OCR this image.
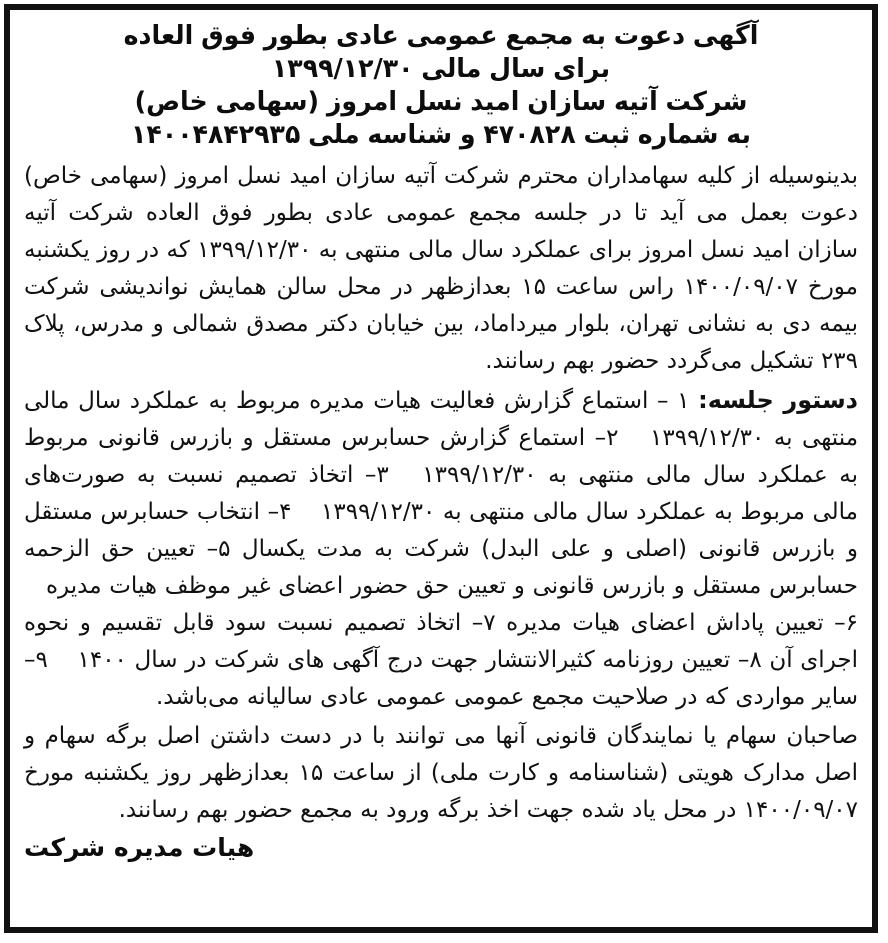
آگهی دعوت به مجمع عمومی عادی بطور فوق العاده
برای سال مالی ۱۳۹۹/۱۲/۳۰
شرکت آتیه سازان امید نسل امروز (سهامی خاص)
به شماره ثبت ۴۷۰۸۲۸ و شناسه ملی ۱۴۰۰۴۸۴۲۹۳۵

بدینوسیله از کلیه سهامداران محترم شرکت آتیه سازان امید نسل امروز (سهامی خاص) دعوت بعمل می آید تا در جلسه مجمع عمومی عادی بطور فوق العاده شرکت آتیه سازان امید نسل امروز برای عملکرد سال مالی منتهی به ۱۳۹۹/۱۲/۳۰ که در روز یکشنبه مورخ ۱۴۰۰/۰۹/۰۷ راس ساعت ۱۵ بعدازظهر در محل سالن همایش نواندیشی شرکت بیمه دی به نشانی تهران، بلوار میرداماد، بین خیابان دکتر مصدق شمالی و مدرس، پلاک ۲۳۹ تشکیل می‌گردد حضور بهم رسانند.

دستور جلسه: ۱ – استماع گزارش فعالیت هیات مدیره مربوط به عملکرد سال مالی منتهی به ۱۳۹۹/۱۲/۳۰ ۲– استماع گزارش حسابرس مستقل و بازرس قانونی مربوط به عملکرد سال مالی منتهی به ۱۳۹۹/۱۲/۳۰ ۳– اتخاذ تصمیم نسبت به صورت‌های مالی مربوط به عملکرد سال مالی منتهی به ۱۳۹۹/۱۲/۳۰ ۴– انتخاب حسابرس مستقل و بازرس قانونی (اصلی و علی البدل) شرکت به مدت یکسال ۵– تعیین حق الزحمه حسابرس مستقل و بازرس قانونی و تعیین حق حضور اعضای غیر موظف هیات مدیره ۶– تعیین پاداش اعضای هیات مدیره ۷– اتخاذ تصمیم نسبت سود قابل تقسیم و نحوه اجرای آن ۸– تعیین روزنامه کثیرالانتشار جهت درج آگهی های شرکت در سال ۱۴۰۰ ۹– سایر مواردی که در صلاحیت مجمع عمومی عمومی عادی سالیانه می‌باشد.

صاحبان سهام یا نمایندگان قانونی آنها می توانند با در دست داشتن اصل برگه سهام و اصل مدارک هویتی (شناسنامه و کارت ملی) از ساعت ۱۵ بعدازظهر روز یکشنبه مورخ ۱۴۰۰/۰۹/۰۷ در محل یاد شده جهت اخذ برگه ورود به مجمع حضور بهم رسانند.

هیات مدیره شرکت
